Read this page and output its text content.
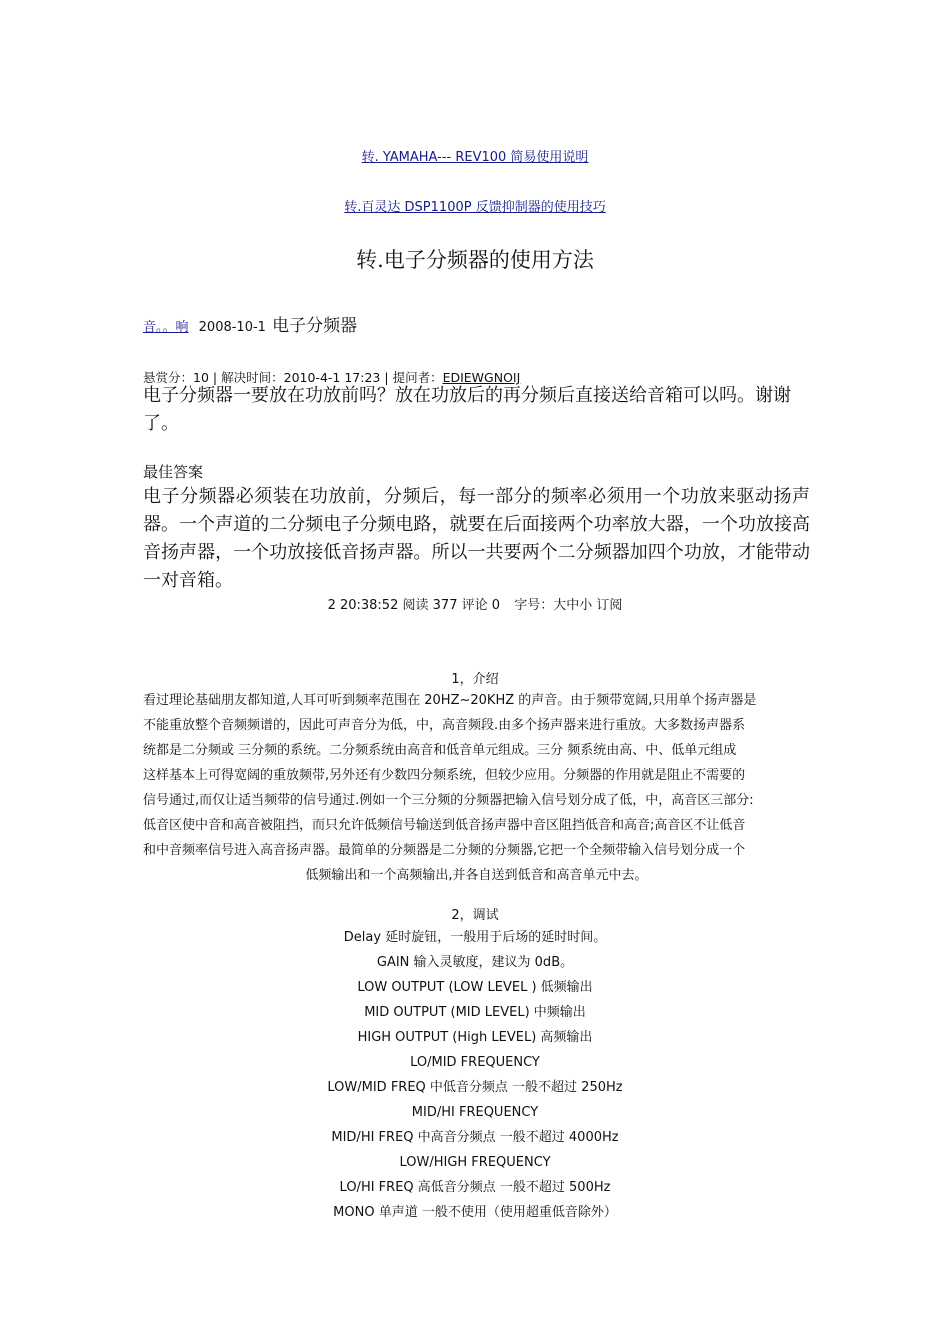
转. YAMAHA--- REV100 简易使用说明
转.百灵达 DSP1100P 反馈抑制器的使用技巧
转.电子分频器的使用方法
音。。响 2008-10-1 电子分频器
悬赏分：10 | 解决时间：2010-4-1 17:23 | 提问者：EDIEWGNOIJ
电子分频器一要放在功放前吗？放在功放后的再分频后直接送给音箱可以吗。谢谢了。
最佳答案
电子分频器必须装在功放前，分频后，每一部分的频率必须用一个功放来驱动扬声器。一个声道的二分频电子分频电路，就要在后面接两个功率放大器，一个功放接高音扬声器，一个功放接低音扬声器。所以一共要两个二分频器加四个功放，才能带动一对音箱。
2 20:38:52 阅读 377 评论 0 字号：大中小 订阅
1，介绍
看过理论基础朋友都知道,人耳可听到频率范围在 20HZ~20KHZ 的声音。由于频带宽阔,只用单个扬声器是
不能重放整个音频频谱的，因此可声音分为低，中，高音频段.由多个扬声器来进行重放。大多数扬声器系
统都是二分频或 三分频的系统。二分频系统由高音和低音单元组成。三分 频系统由高、中、低单元组成
这样基本上可得宽阔的重放频带,另外还有少数四分频系统，但较少应用。分频器的作用就是阻止不需要的
信号通过,而仅让适当频带的信号通过.例如一个三分频的分频器把输入信号划分成了低，中，高音区三部分:
低音区使中音和高音被阻挡，而只允许低频信号输送到低音扬声器中音区阻挡低音和高音;高音区不让低音
和中音频率信号进入高音扬声器。最简单的分频器是二分频的分频器,它把一个全频带输入信号划分成一个
低频输出和一个高频输出,并各自送到低音和高音单元中去。
2，调试
Delay 延时旋钮，一般用于后场的延时时间。
GAIN 输入灵敏度，建议为 0dB。
LOW OUTPUT (LOW LEVEL ) 低频输出
MID OUTPUT (MID LEVEL) 中频输出
HIGH OUTPUT (High LEVEL) 高频输出
LO/MID FREQUENCY
LOW/MID FREQ 中低音分频点 一般不超过 250Hz
MID/HI FREQUENCY
MID/HI FREQ 中高音分频点 一般不超过 4000Hz
LOW/HIGH FREQUENCY
LO/HI FREQ 高低音分频点 一般不超过 500Hz
MONO 单声道 一般不使用（使用超重低音除外）
